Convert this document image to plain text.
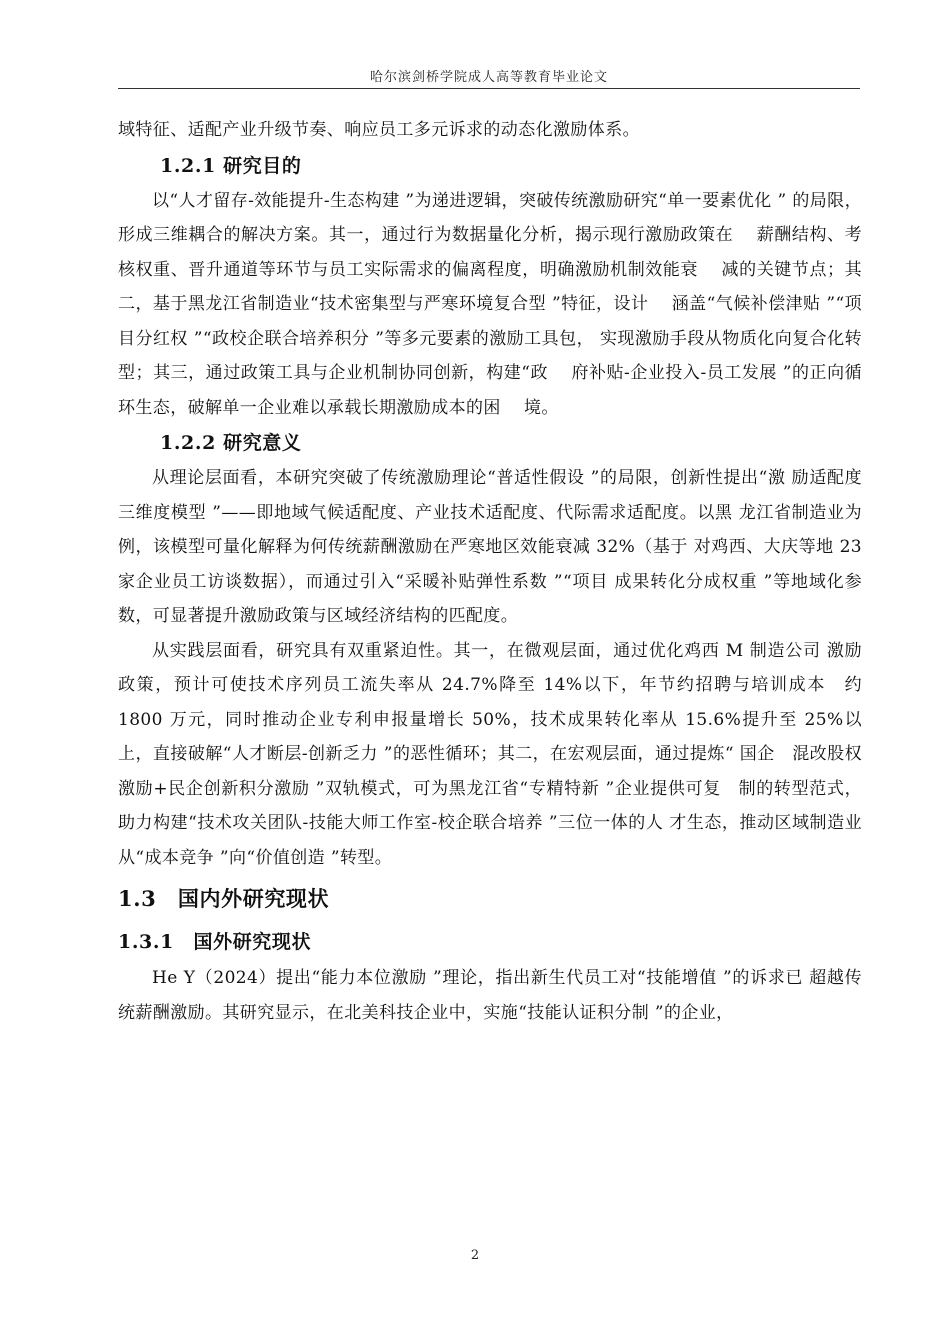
哈尔滨剑桥学院成人高等教育毕业论文

域特征、适配产业升级节奏、响应员工多元诉求的动态化激励体系。

1.2.1 研究目的

以“人才留存-效能提升-生态构建 ”为递进逻辑，突破传统激励研究“单一要素优化 ” 的局限，形成三维耦合的解决方案。其一，通过行为数据量化分析，揭示现行激励政策在　 薪酬结构、考核权重、晋升通道等环节与员工实际需求的偏离程度，明确激励机制效能衰　 减的关键节点；其二，基于黑龙江省制造业“技术密集型与严寒环境复合型 ”特征，设计　 涵盖“气候补偿津贴 ”“项目分红权 ”“政校企联合培养积分 ”等多元要素的激励工具包， 实现激励手段从物质化向复合化转型；其三，通过政策工具与企业机制协同创新，构建“政　 府补贴-企业投入-员工发展 ”的正向循环生态，破解单一企业难以承载长期激励成本的困　 境。

1.2.2 研究意义

从理论层面看，本研究突破了传统激励理论“普适性假设 ”的局限，创新性提出“激 励适配度三维度模型 ”——即地域气候适配度、产业技术适配度、代际需求适配度。以黑 龙江省制造业为例，该模型可量化解释为何传统薪酬激励在严寒地区效能衰减 32%（基于 对鸡西、大庆等地 23 家企业员工访谈数据），而通过引入“采暖补贴弹性系数 ”“项目 成果转化分成权重 ”等地域化参数，可显著提升激励政策与区域经济结构的匹配度。

从实践层面看，研究具有双重紧迫性。其一，在微观层面，通过优化鸡西 M 制造公司 激励政策，预计可使技术序列员工流失率从 24.7%降至 14%以下，年节约招聘与培训成本　约 1800 万元，同时推动企业专利申报量增长 50%，技术成果转化率从 15.6%提升至 25%以 上，直接破解“人才断层-创新乏力 ”的恶性循环；其二，在宏观层面，通过提炼“ 国企　混改股权激励+民企创新积分激励 ”双轨模式，可为黑龙江省“专精特新 ”企业提供可复　制的转型范式，助力构建“技术攻关团队-技能大师工作室-校企联合培养 ”三位一体的人 才生态，推动区域制造业从“成本竞争 ”向“价值创造 ”转型。

1.3　国内外研究现状
1.3.1　国外研究现状

He Y（2024）提出“能力本位激励 ”理论，指出新生代员工对“技能增值 ”的诉求已 超越传统薪酬激励。其研究显示，在北美科技企业中，实施“技能认证积分制 ”的企业，

2
